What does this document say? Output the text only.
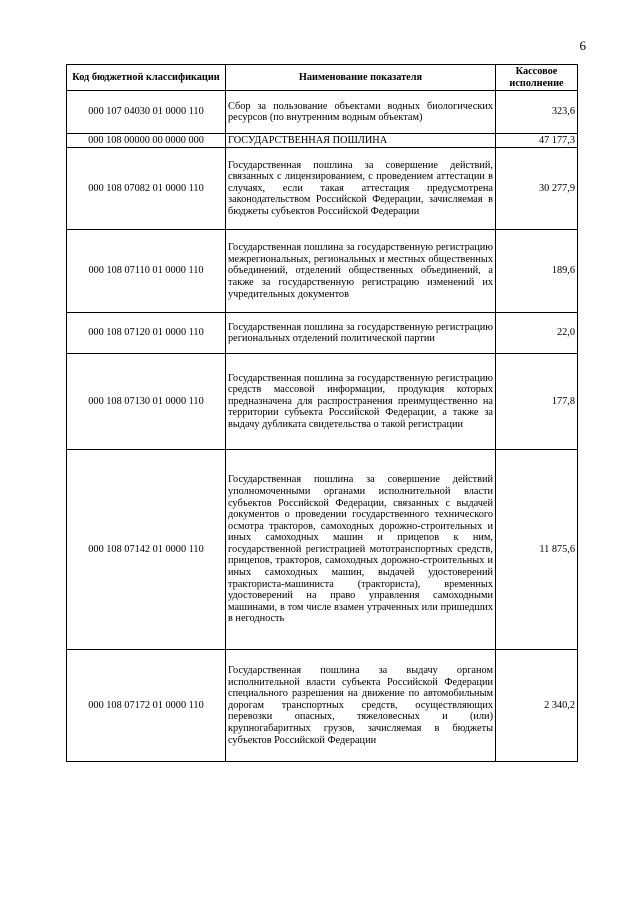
6
Код бюджетной классификации	Наименование показателя	Кассовое исполнение
000 107 04030 01 0000 110	Сбор за пользование объектами водных биологических ресурсов (по внутренним водным объектам)	323,6
000 108 00000 00 0000 000	ГОСУДАРСТВЕННАЯ ПОШЛИНА	47 177,3
000 108 07082 01 0000 110	Государственная пошлина за совершение действий, связанных с лицензированием, с проведением аттестации в случаях, если такая аттестация предусмотрена законодательством Российской Федерации, зачисляемая в бюджеты субъектов Российской Федерации	30 277,9
000 108 07110 01 0000 110	Государственная пошлина за государственную регистрацию межрегиональных, региональных и местных общественных объединений, отделений общественных объединений, а также за государственную регистрацию изменений их учредительных документов	189,6
000 108 07120 01 0000 110	Государственная пошлина за государственную регистрацию региональных отделений политической партии	22,0
000 108 07130 01 0000 110	Государственная пошлина за государственную регистрацию средств массовой информации, продукция которых предназначена для распространения преимущественно на территории субъекта Российской Федерации, а также за выдачу дубликата свидетельства о такой регистрации	177,8
000 108 07142 01 0000 110	Государственная пошлина за совершение действий уполномоченными органами исполнительной власти субъектов Российской Федерации, связанных с выдачей документов о проведении государственного технического осмотра тракторов, самоходных дорожно-строительных и иных самоходных машин и прицепов к ним, государственной регистрацией мототранспортных средств, прицепов, тракторов, самоходных дорожно-строительных и иных самоходных машин, выдачей удостоверений тракториста-машиниста (тракториста), временных удостоверений на право управления самоходными машинами, в том числе взамен утраченных или пришедших в негодность	11 875,6
000 108 07172 01 0000 110	Государственная пошлина за выдачу органом исполнительной власти субъекта Российской Федерации специального разрешения на движение по автомобильным дорогам транспортных средств, осуществляющих перевозки опасных, тяжеловесных и (или) крупногабаритных грузов, зачисляемая в бюджеты субъектов Российской Федерации	2 340,2
